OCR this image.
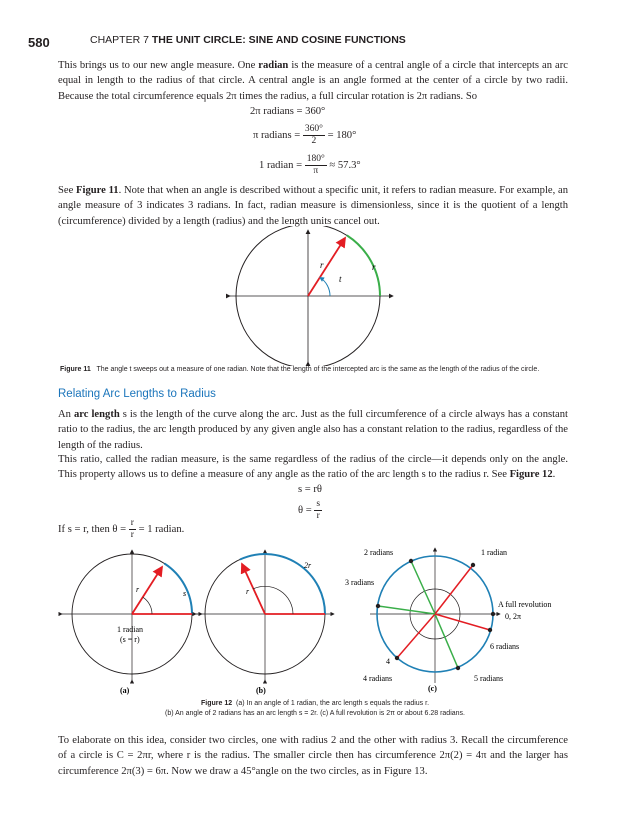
580	CHAPTER 7 THE UNIT CIRCLE: SINE AND COSINE FUNCTIONS
This brings us to our new angle measure. One radian is the measure of a central angle of a circle that intercepts an arc equal in length to the radius of that circle. A central angle is an angle formed at the center of a circle by two radii. Because the total circumference equals 2π times the radius, a full circular rotation is 2π radians. So
2π radians = 360°
π radians = $\frac{360^\circ}{2} = 180^\circ$
1 radian = $\frac{180^\circ}{\pi} \approx 57.3^\circ$
See Figure 11. Note that when an angle is described without a specific unit, it refers to radian measure. For example, an angle measure of 3 indicates 3 radians. In fact, radian measure is dimensionless, since it is the quotient of a length (circumference) divided by a length (radius) and the length units cancel out.
r
t
r
Figure 11 The angle t sweeps out a measure of one radian. Note that the length of the intercepted arc is the same as the length of the radius of the circle.
Relating Arc Lengths to Radius
An arc length s is the length of the curve along the arc. Just as the full circumference of a circle always has a constant ratio to the radius, the arc length produced by any given angle also has a constant relation to the radius, regardless of the length of the radius.
This ratio, called the radian measure, is the same regardless of the radius of the circle—it depends only on the angle. This property allows us to define a measure of any angle as the ratio of the arc length s to the radius r. See Figure 12.
s = rθ
$\theta = \frac{s}{r}$
If s = r, then $\theta = \frac{r}{r} = 1$ radian.
r	s
1 radian
(s = r)
(a)
r
2r
(b)
2 radians	1 radian
3 radians
A full revolution
0, 2π
6 radians
4
4 radians	5 radians
(c)
Figure 12 (a) In an angle of 1 radian, the arc length s equals the radius r.
(b) An angle of 2 radians has an arc length s = 2r. (c) A full revolution is 2π or about 6.28 radians.
To elaborate on this idea, consider two circles, one with radius 2 and the other with radius 3. Recall the circumference of a circle is C = 2πr, where r is the radius. The smaller circle then has circumference 2π(2) = 4π and the larger has circumference 2π(3) = 6π. Now we draw a 45°angle on the two circles, as in Figure 13.
